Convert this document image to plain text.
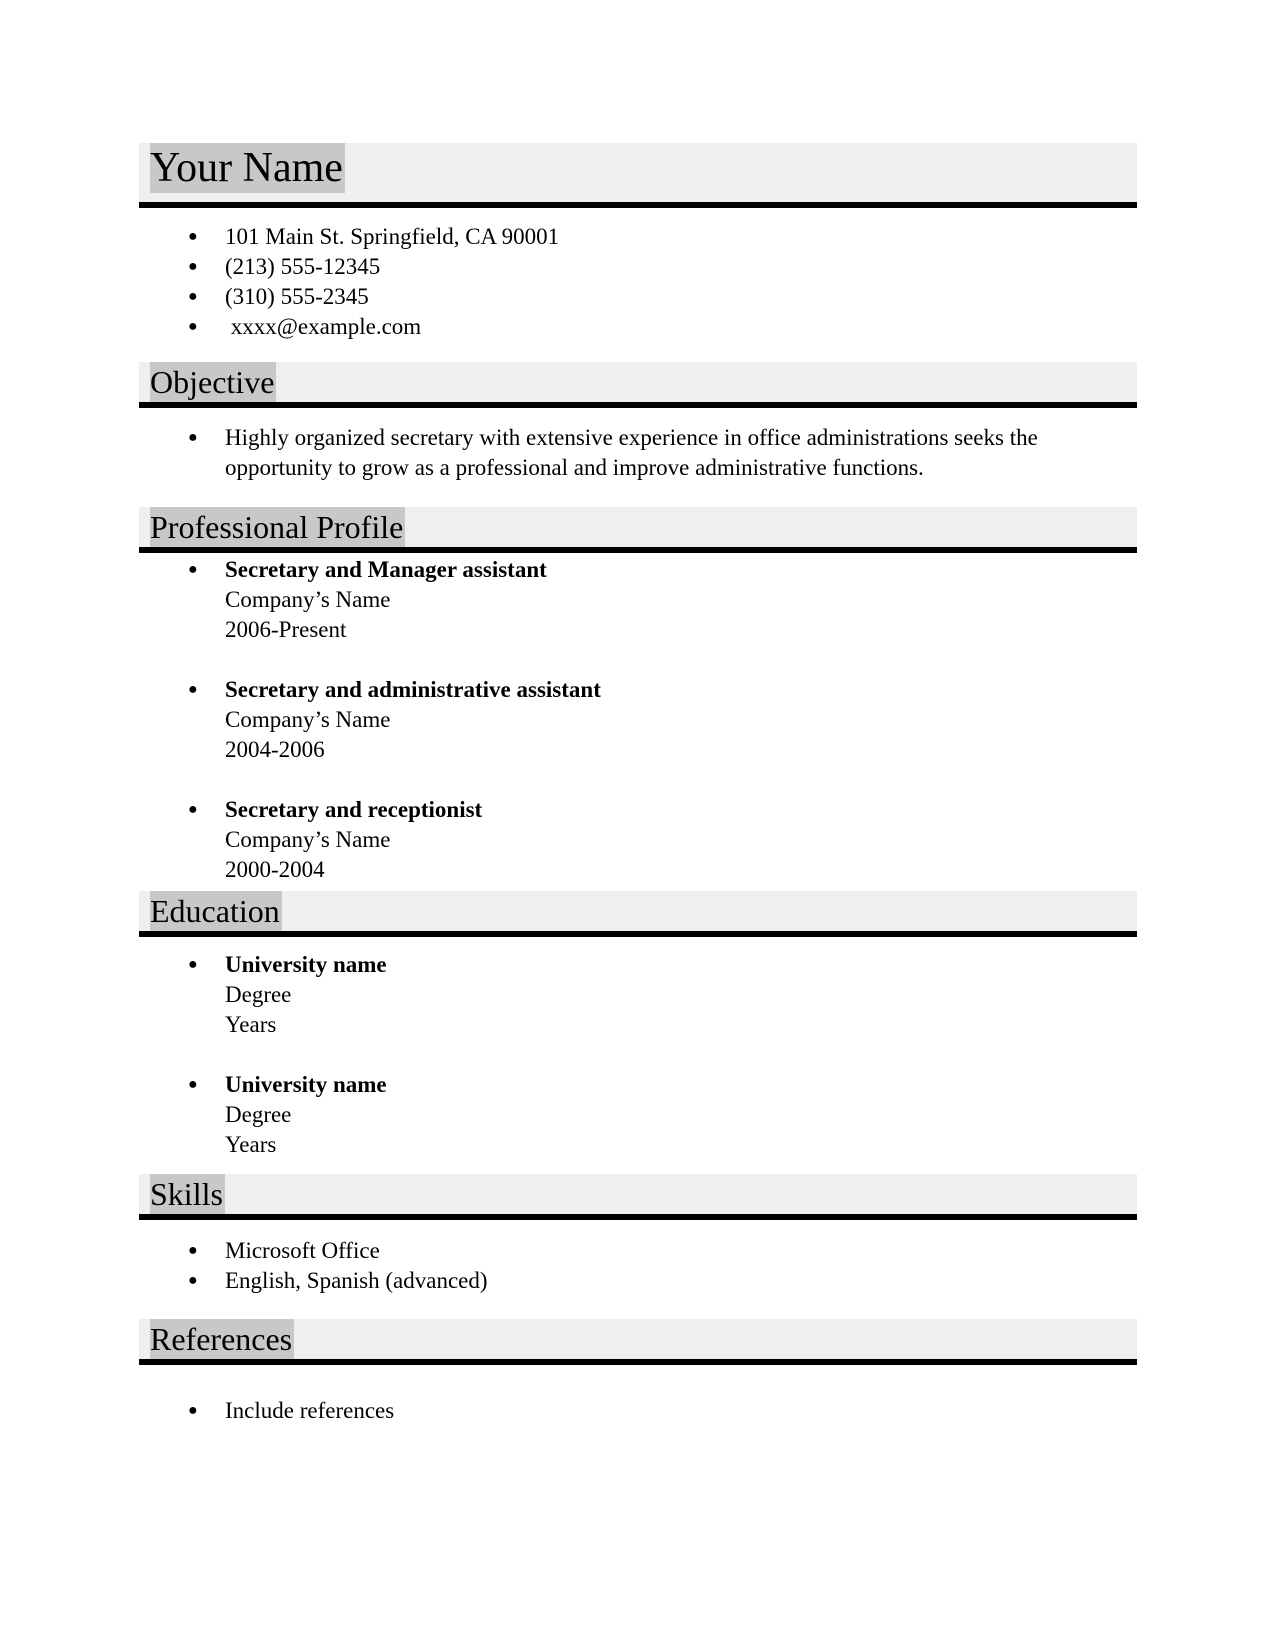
Your Name
● 101 Main St. Springfield, CA 90001
● (213) 555-12345
● (310) 555-2345
●  xxxx@example.com
Objective
● Highly organized secretary with extensive experience in office administrations seeks the opportunity to grow as a professional and improve administrative functions.
Professional Profile
● Secretary and Manager assistant
Company’s Name
2006-Present
● Secretary and administrative assistant
Company’s Name
2004-2006
● Secretary and receptionist
Company’s Name
2000-2004
Education
● University name
Degree
Years
● University name
Degree
Years
Skills
● Microsoft Office
● English, Spanish (advanced)
References
● Include references
